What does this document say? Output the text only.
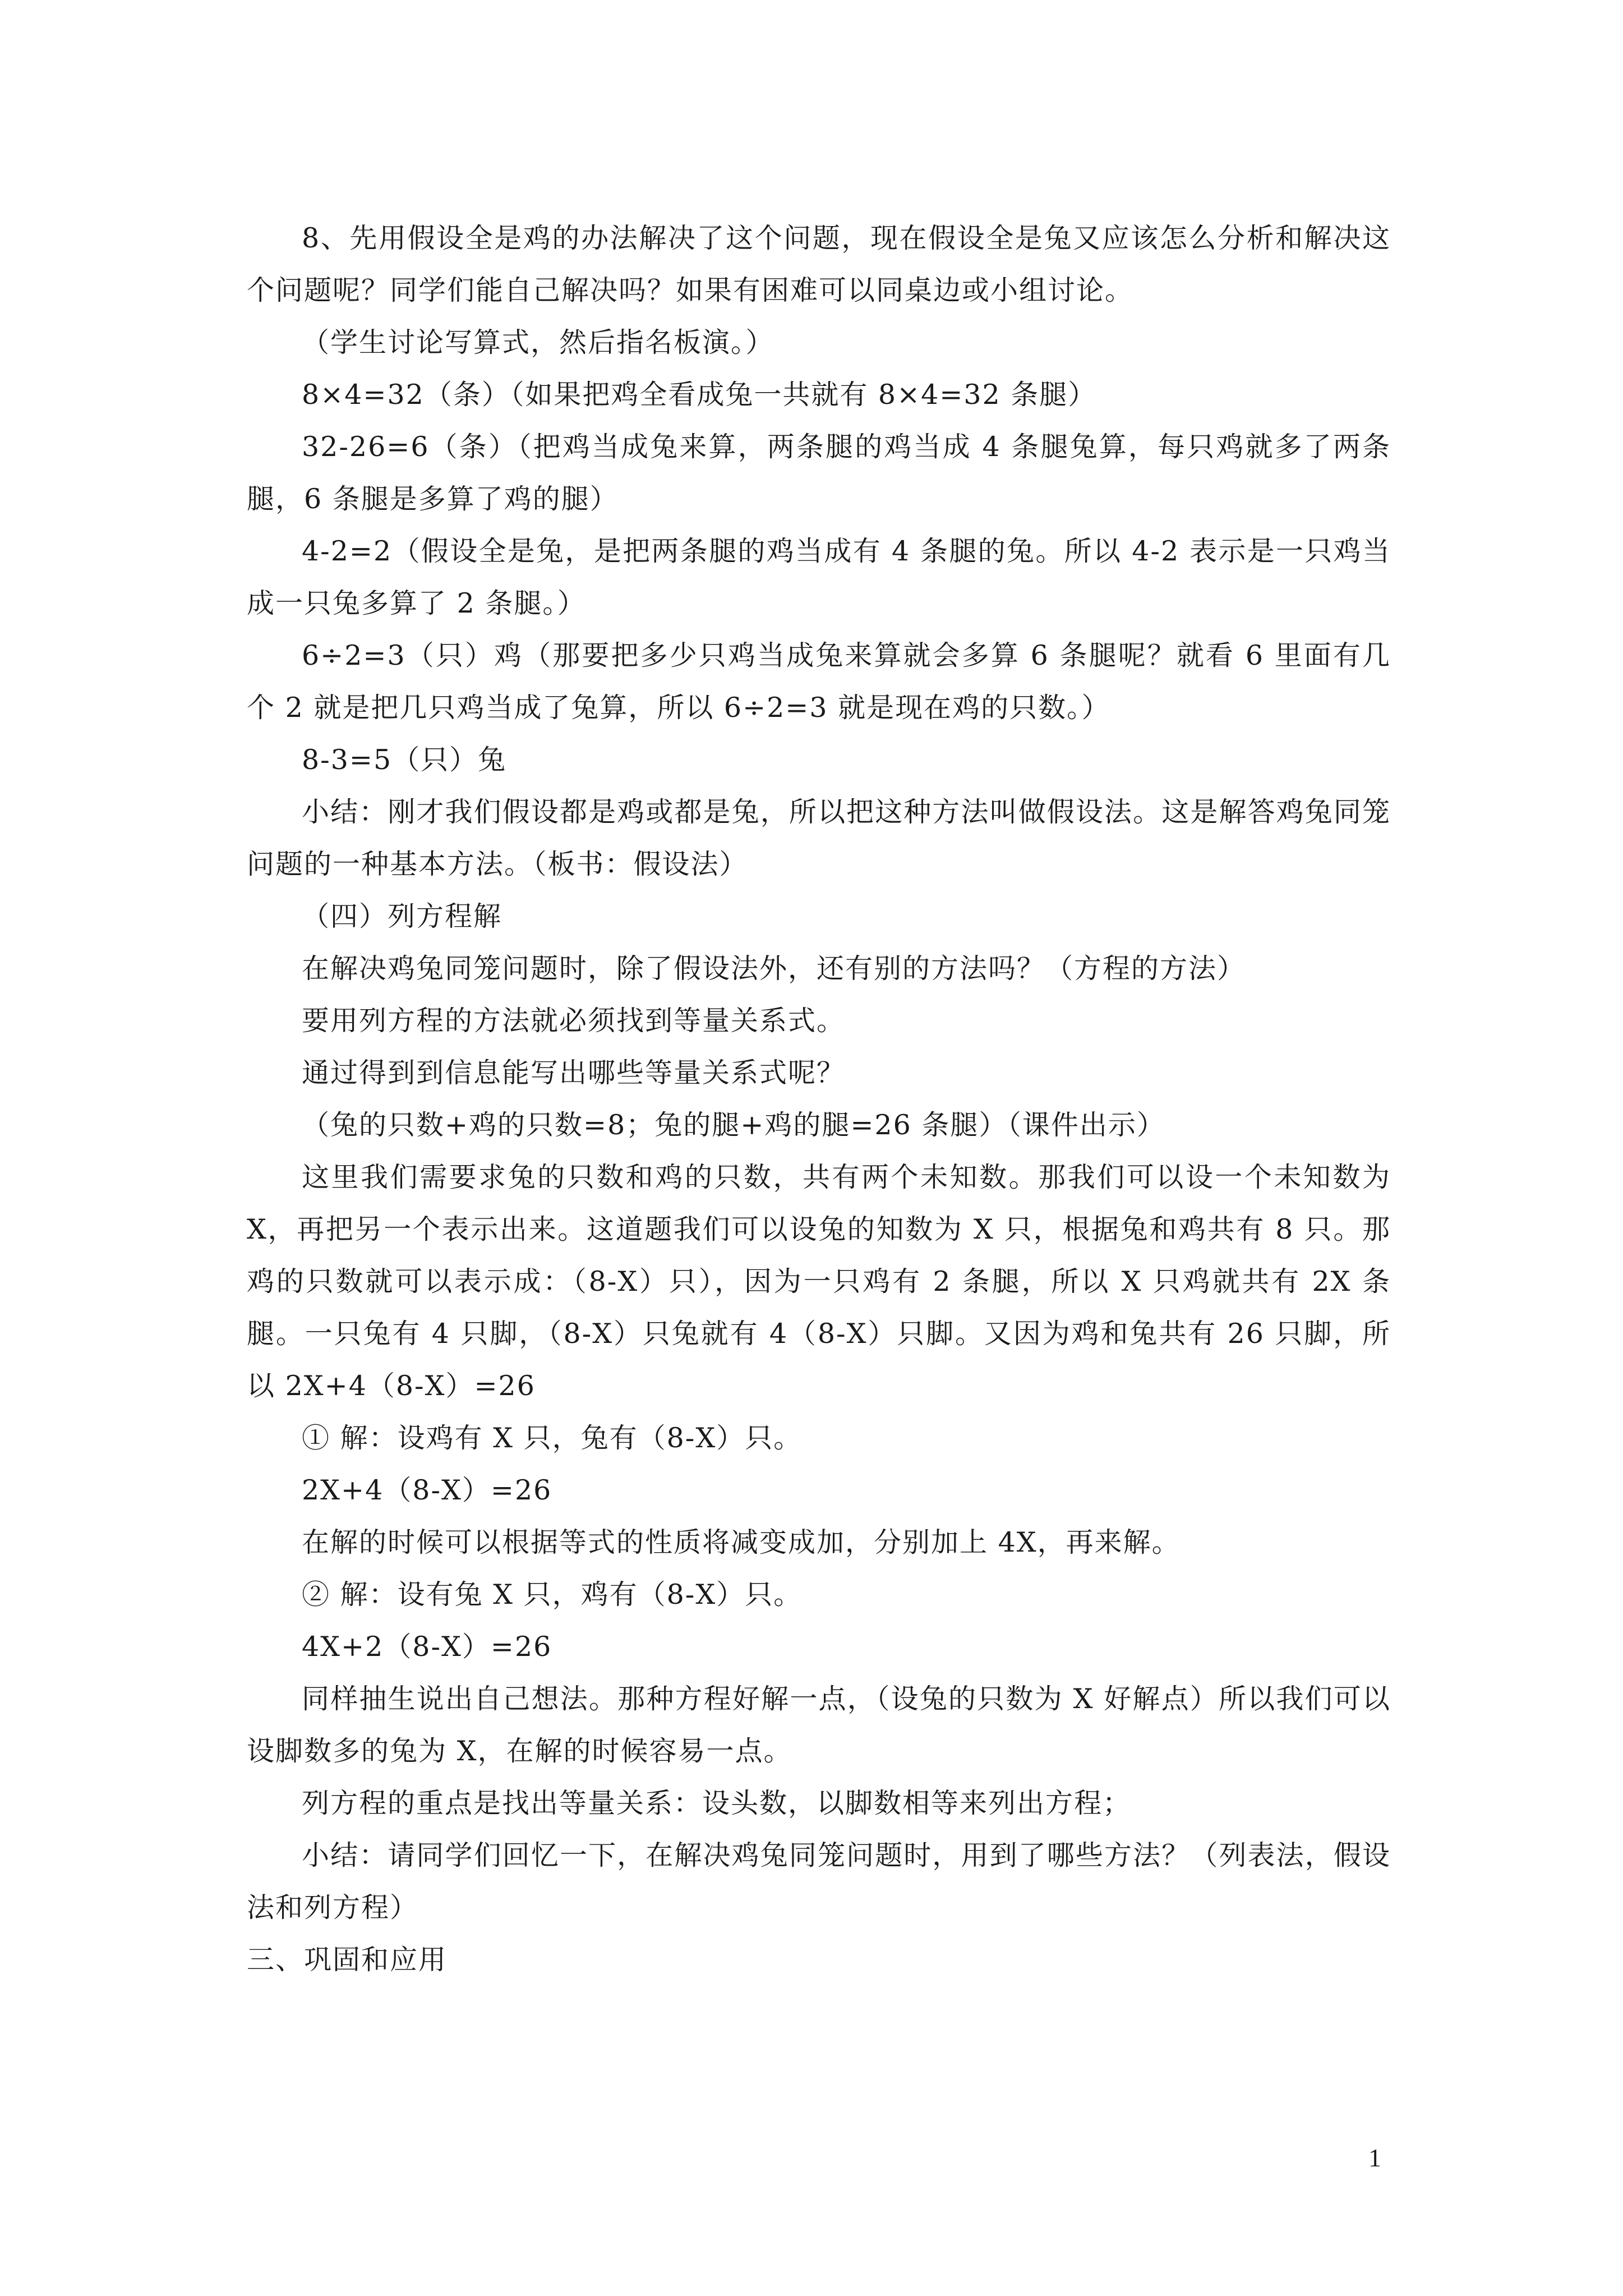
8、先用假设全是鸡的办法解决了这个问题，现在假设全是兔又应该怎么分析和解决这个问题呢？同学们能自己解决吗？如果有困难可以同桌边或小组讨论。

（学生讨论写算式，然后指名板演。）

8×4=32（条）（如果把鸡全看成兔一共就有 8×4=32 条腿）

32-26=6（条）（把鸡当成兔来算，两条腿的鸡当成 4 条腿兔算，每只鸡就多了两条腿，6 条腿是多算了鸡的腿）

4-2=2（假设全是兔，是把两条腿的鸡当成有 4 条腿的兔。所以 4-2 表示是一只鸡当成一只兔多算了 2 条腿。）

6÷2=3（只）鸡（那要把多少只鸡当成兔来算就会多算 6 条腿呢？就看 6 里面有几个 2 就是把几只鸡当成了兔算，所以 6÷2=3 就是现在鸡的只数。）

8-3=5（只）兔

小结：刚才我们假设都是鸡或都是兔，所以把这种方法叫做假设法。这是解答鸡兔同笼问题的一种基本方法。（板书：假设法）

（四）列方程解

在解决鸡兔同笼问题时，除了假设法外，还有别的方法吗？（方程的方法）

要用列方程的方法就必须找到等量关系式。

通过得到到信息能写出哪些等量关系式呢？

（兔的只数+鸡的只数=8；兔的腿+鸡的腿=26 条腿）（课件出示）

这里我们需要求兔的只数和鸡的只数，共有两个未知数。那我们可以设一个未知数为 X，再把另一个表示出来。这道题我们可以设兔的知数为 X 只，根据兔和鸡共有 8 只。那鸡的只数就可以表示成：（8-X）只），因为一只鸡有 2 条腿，所以 X 只鸡就共有 2X 条腿。一只兔有 4 只脚，（8-X）只兔就有 4（8-X）只脚。又因为鸡和兔共有 26 只脚，所以 2X+4（8-X）=26

① 解：设鸡有 X 只，兔有（8-X）只。

2X+4（8-X）=26

在解的时候可以根据等式的性质将减变成加，分别加上 4X，再来解。

② 解：设有兔 X 只，鸡有（8-X）只。

4X+2（8-X）=26

同样抽生说出自己想法。那种方程好解一点，（设兔的只数为 X 好解点）所以我们可以设脚数多的兔为 X，在解的时候容易一点。

列方程的重点是找出等量关系：设头数，以脚数相等来列出方程；

小结：请同学们回忆一下，在解决鸡兔同笼问题时，用到了哪些方法？（列表法，假设法和列方程）

三、巩固和应用

1
